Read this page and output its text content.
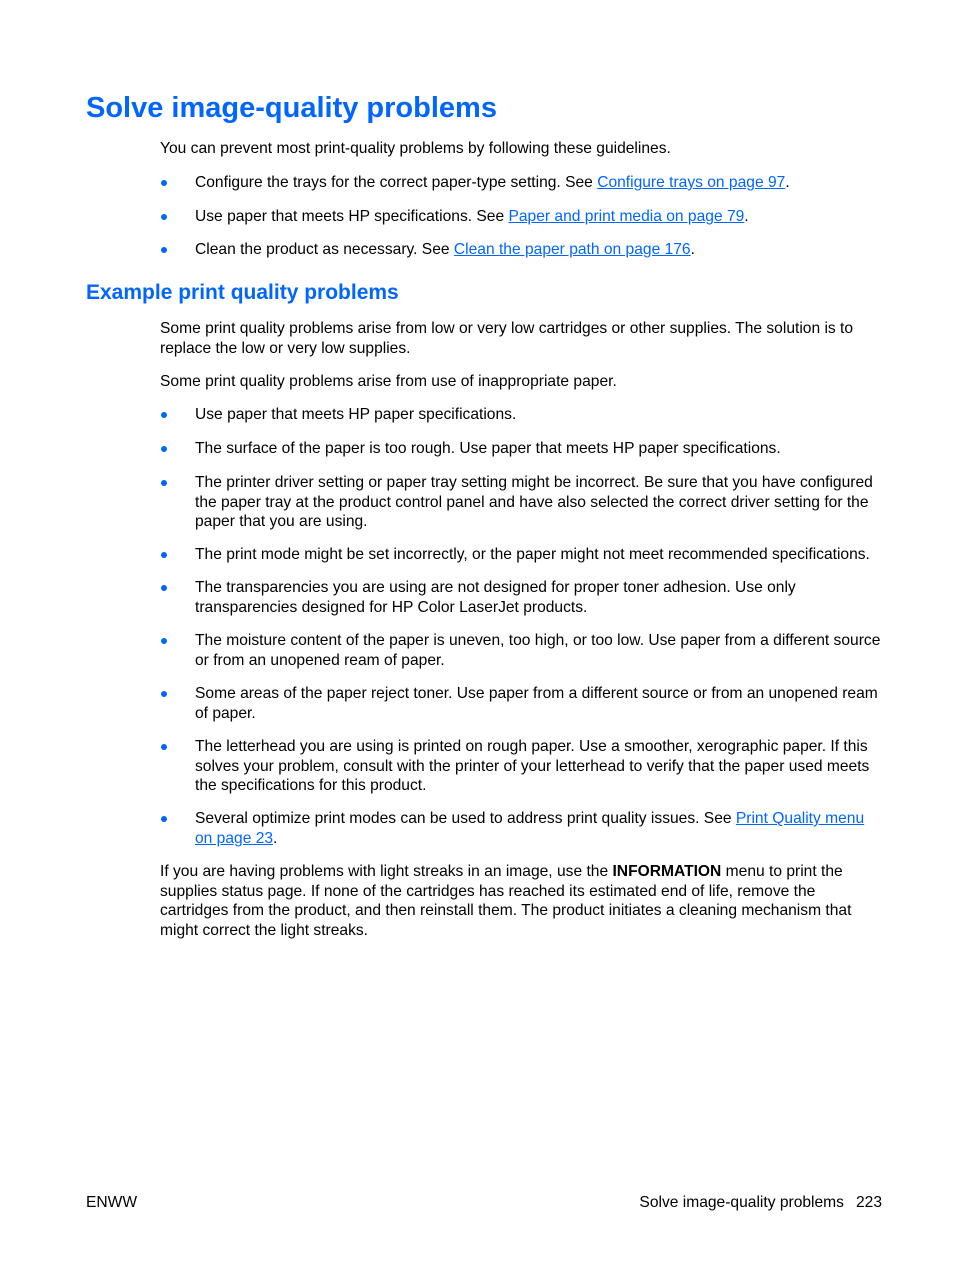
Solve image-quality problems

You can prevent most print-quality problems by following these guidelines.

Configure the trays for the correct paper-type setting. See Configure trays on page 97.
Use paper that meets HP specifications. See Paper and print media on page 79.
Clean the product as necessary. See Clean the paper path on page 176.
Example print quality problems

Some print quality problems arise from low or very low cartridges or other supplies. The solution is to replace the low or very low supplies.

Some print quality problems arise from use of inappropriate paper.

Use paper that meets HP paper specifications.
The surface of the paper is too rough. Use paper that meets HP paper specifications.
The printer driver setting or paper tray setting might be incorrect. Be sure that you have configured the paper tray at the product control panel and have also selected the correct driver setting for the paper that you are using.
The print mode might be set incorrectly, or the paper might not meet recommended specifications.
The transparencies you are using are not designed for proper toner adhesion. Use only transparencies designed for HP Color LaserJet products.
The moisture content of the paper is uneven, too high, or too low. Use paper from a different source or from an unopened ream of paper.
Some areas of the paper reject toner. Use paper from a different source or from an unopened ream of paper.
The letterhead you are using is printed on rough paper. Use a smoother, xerographic paper. If this solves your problem, consult with the printer of your letterhead to verify that the paper used meets the specifications for this product.
Several optimize print modes can be used to address print quality issues. See Print Quality menu on page 23.

If you are having problems with light streaks in an image, use the INFORMATION menu to print the supplies status page. If none of the cartridges has reached its estimated end of life, remove the cartridges from the product, and then reinstall them. The product initiates a cleaning mechanism that might correct the light streaks.

ENWW	Solve image-quality problems 223
